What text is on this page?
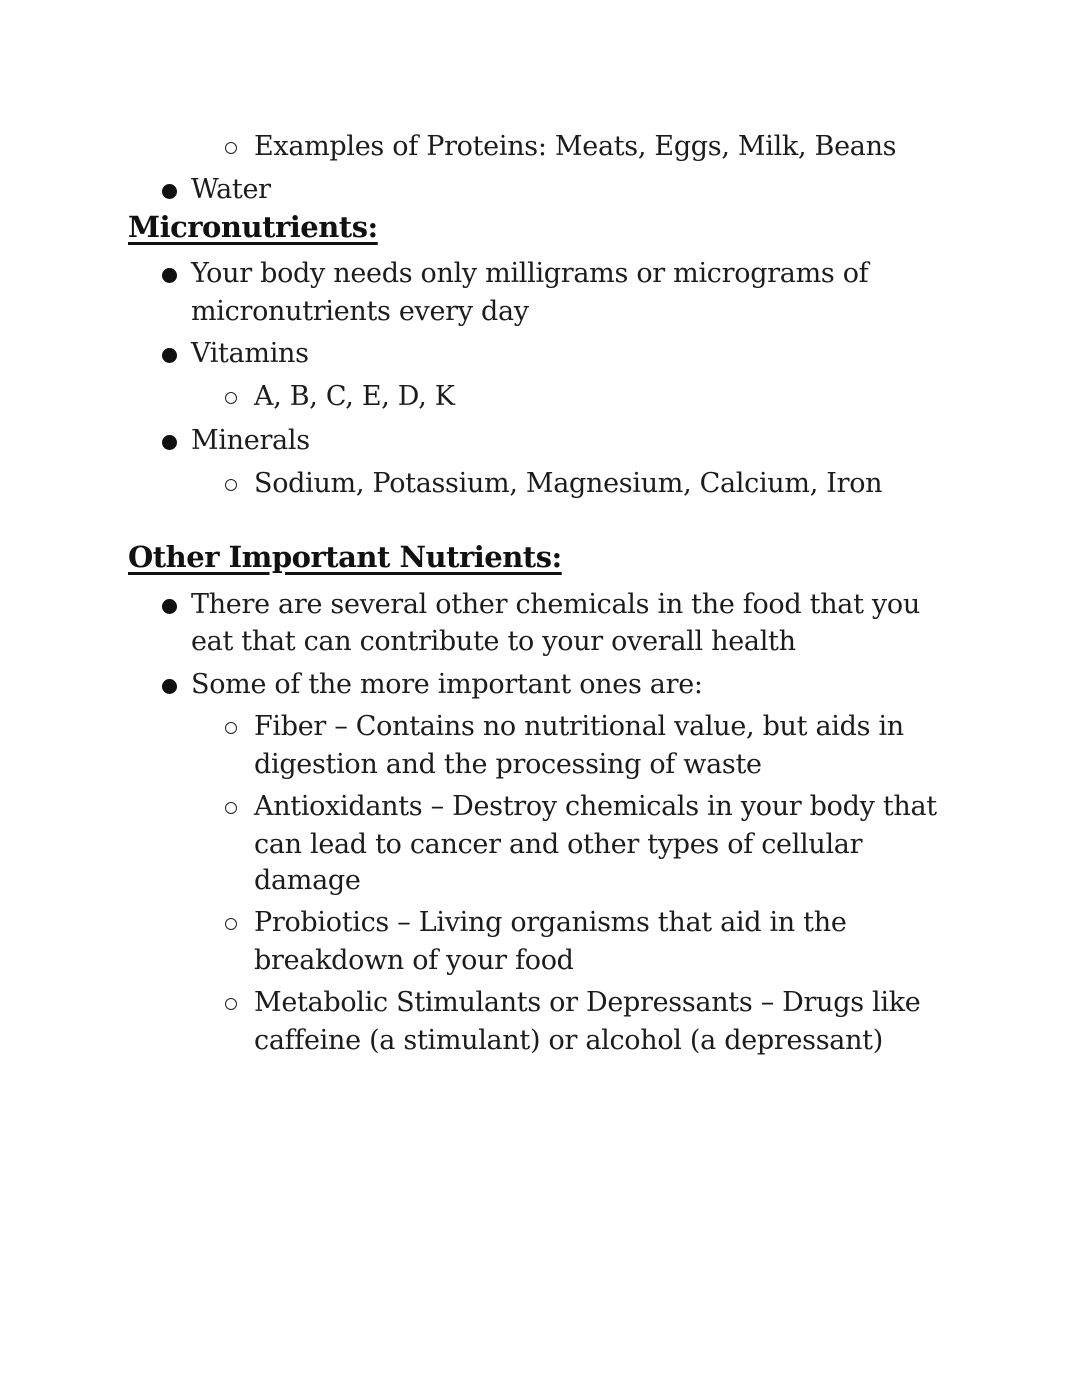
Examples of Proteins: Meats, Eggs, Milk, Beans
Water
Micronutrients:
Your body needs only milligrams or micrograms of
micronutrients every day
Vitamins
A, B, C, E, D, K
Minerals
Sodium, Potassium, Magnesium, Calcium, Iron
Other Important Nutrients:
There are several other chemicals in the food that you
eat that can contribute to your overall health
Some of the more important ones are:
Fiber – Contains no nutritional value, but aids in
digestion and the processing of waste
Antioxidants – Destroy chemicals in your body that
can lead to cancer and other types of cellular
damage
Probiotics – Living organisms that aid in the
breakdown of your food
Metabolic Stimulants or Depressants – Drugs like
caffeine (a stimulant) or alcohol (a depressant)
